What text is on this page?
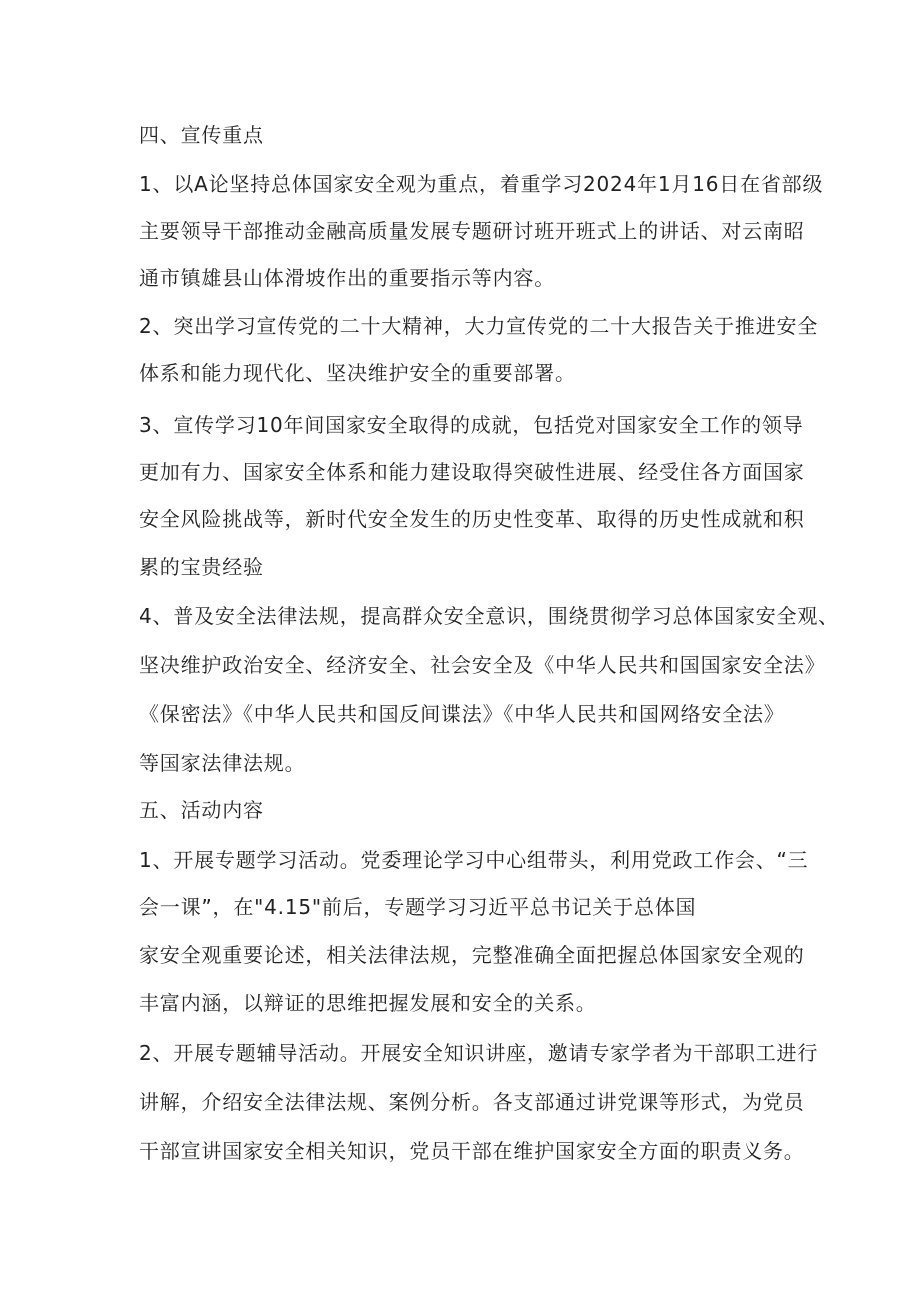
四、宣传重点
1、以A论坚持总体国家安全观为重点，着重学习2024年1月16日在省部级
主要领导干部推动金融高质量发展专题研讨班开班式上的讲话、对云南昭
通市镇雄县山体滑坡作出的重要指示等内容。
2、突出学习宣传党的二十大精神，大力宣传党的二十大报告关于推进安全
体系和能力现代化、坚决维护安全的重要部署。
3、宣传学习10年间国家安全取得的成就，包括党对国家安全工作的领导
更加有力、国家安全体系和能力建设取得突破性进展、经受住各方面国家
安全风险挑战等，新时代安全发生的历史性变革、取得的历史性成就和积
累的宝贵经验
4、普及安全法律法规，提高群众安全意识，围绕贯彻学习总体国家安全观、
坚决维护政治安全、经济安全、社会安全及《中华人民共和国国家安全法》
《保密法》《中华人民共和国反间谍法》《中华人民共和国网络安全法》
等国家法律法规。
五、活动内容
1、开展专题学习活动。党委理论学习中心组带头，利用党政工作会、“三
会一课”，在"4.15"前后，专题学习习近平总书记关于总体国
家安全观重要论述，相关法律法规，完整准确全面把握总体国家安全观的
丰富内涵，以辩证的思维把握发展和安全的关系。
2、开展专题辅导活动。开展安全知识讲座，邀请专家学者为干部职工进行
讲解，介绍安全法律法规、案例分析。各支部通过讲党课等形式，为党员
干部宣讲国家安全相关知识，党员干部在维护国家安全方面的职责义务。
